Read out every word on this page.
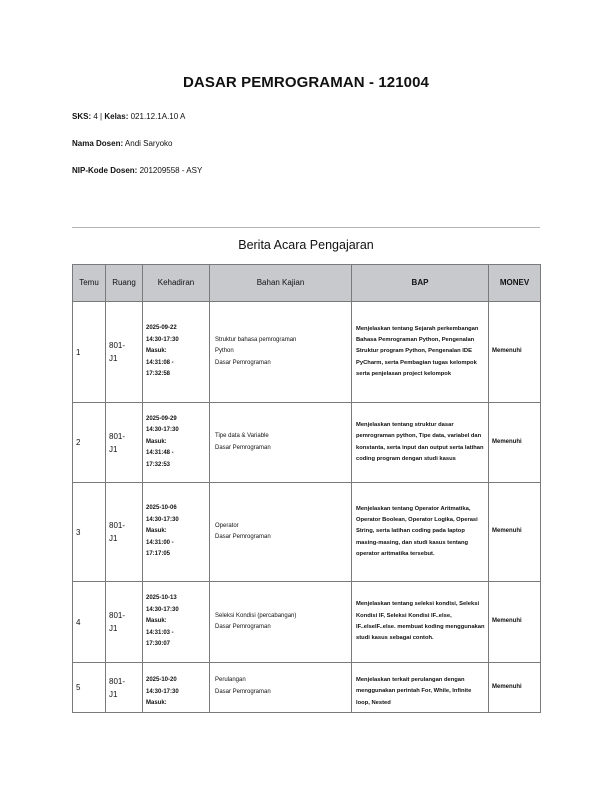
DASAR PEMROGRAMAN - 121004
SKS: 4 | Kelas: 021.12.1A.10 A
Nama Dosen: Andi Saryoko
NIP-Kode Dosen: 201209558 - ASY
Berita Acara Pengajaran
Temu	Ruang	Kehadiran	Bahan Kajian	BAP	MONEV
1	801-
J1	2025-09-22
14:30-17:30
Masuk:
14:31:08 -
17:32:58	Struktur bahasa pemrograman
Python
Dasar Pemrograman	Menjelaskan tentang Sejarah perkembangan Bahasa Pemrograman Python, Pengenalan Struktur program Python, Pengenalan IDE PyCharm, serta Pembagian tugas kelompok serta penjelasan project kelompok	Memenuhi
2	801-
J1	2025-09-29
14:30-17:30
Masuk:
14:31:48 -
17:32:53	Tipe data & Variable
Dasar Pemrograman	Menjelaskan tentang struktur dasar pemrograman python, Tipe data, variabel dan konstanta, serta input dan output serta latihan coding program dengan studi kasus	Memenuhi
3	801-
J1	2025-10-06
14:30-17:30
Masuk:
14:31:00 -
17:17:05	Operator
Dasar Pemrograman	Menjelaskan tentang Operator Aritmatika, Operator Boolean, Operator Logika, Operasi String, serta latihan coding pada laptop masing-masing, dan studi kasus tentang operator aritmatika tersebut.	Memenuhi
4	801-
J1	2025-10-13
14:30-17:30
Masuk:
14:31:03 -
17:30:07	Seleksi Kondisi (percabangan)
Dasar Pemrograman	Menjelaskan tentang seleksi kondisi, Seleksi Kondisi IF, Seleksi Kondisi IF..else, IF..elseIF..else. membuat koding menggunakan studi kasus sebagai contoh.	Memenuhi
5	801-
J1	2025-10-20
14:30-17:30
Masuk:	Perulangan
Dasar Pemrograman	Menjelaskan terkait perulangan dengan menggunakan perintah For, While, Infinite loop, Nested	Memenuhi
